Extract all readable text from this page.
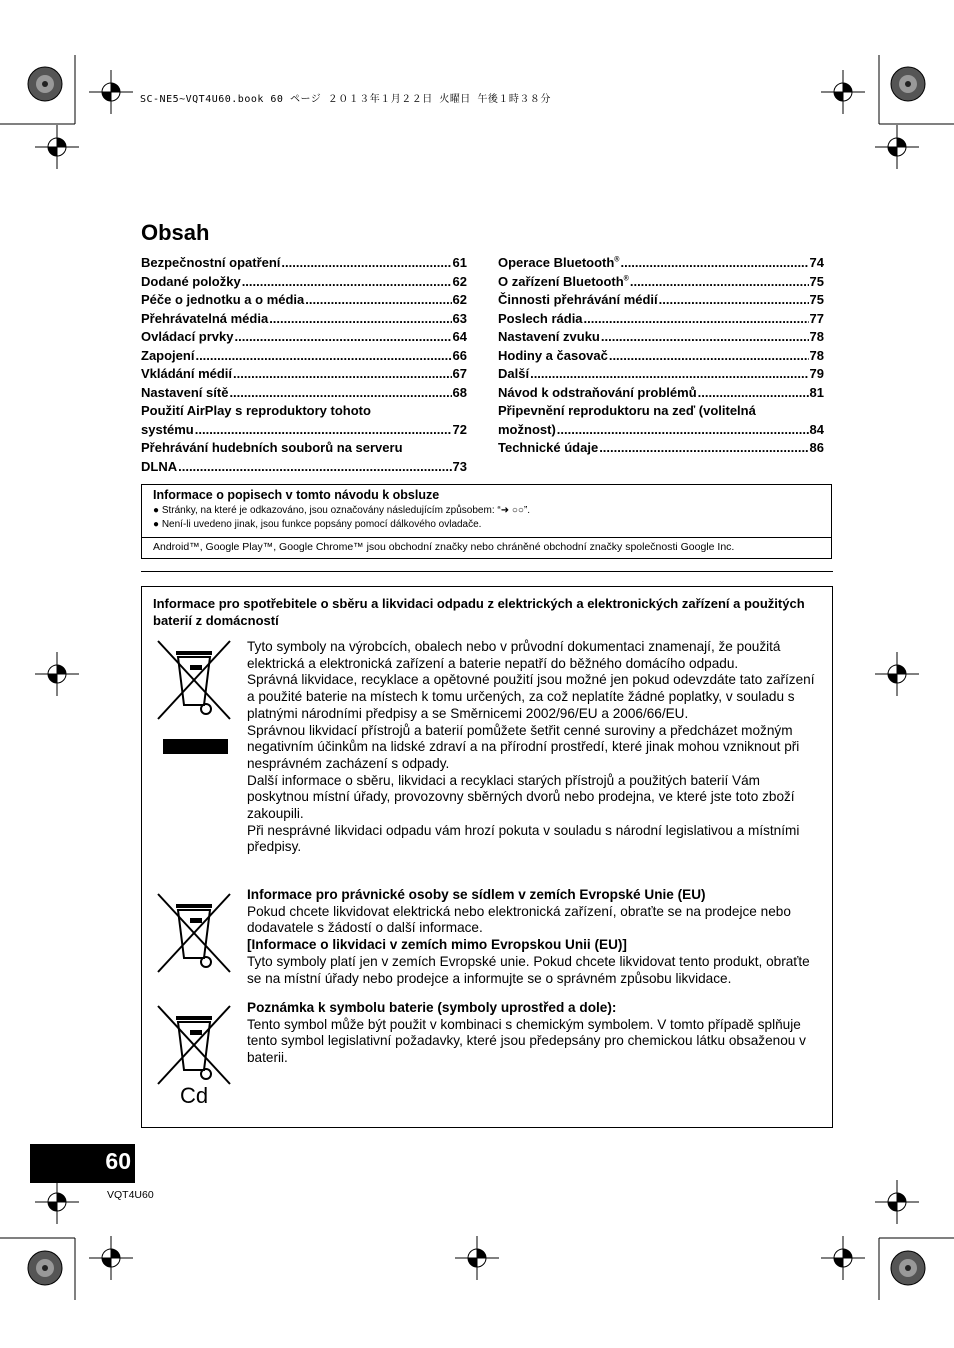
SC-NE5~VQT4U60.book 60 ページ ２０１３年１月２２日 火曜日 午後１時３８分
Obsah
Bezpečnostní opatření .....	61
Dodané položky .....	62
Péče o jednotku a o média .....	62
Přehrávatelná média .....	63
Ovládací prvky .....	64
Zapojení .....	66
Vkládání médií .....	67
Nastavení sítě .....	68
Použití AirPlay s reproduktory tohoto
systému .....	72
Přehrávání hudebních souborů na serveru
DLNA .....	73
Operace Bluetooth® .....	74
O zařízení Bluetooth® .....	75
Činnosti přehrávání médií .....	75
Poslech rádia .....	77
Nastavení zvuku .....	78
Hodiny a časovač .....	78
Další .....	79
Návod k odstraňování problémů .....	81
Připevnění reproduktoru na zeď (volitelná
možnost) .....	84
Technické údaje .....	86
Informace o popisech v tomto návodu k obsluze
● Stránky, na které je odkazováno, jsou označovány následujícím způsobem: “➜ ○○”.
● Není-li uvedeno jinak, jsou funkce popsány pomocí dálkového ovladače.
Android™, Google Play™, Google Chrome™ jsou obchodní značky nebo chráněné obchodní značky společnosti Google Inc.
Informace pro spotřebitele o sběru a likvidaci odpadu z elektrických a elektronických zařízení a použitých baterií z domácností
Tyto symboly na výrobcích, obalech nebo v průvodní dokumentaci znamenají, že použitá elektrická a elektronická zařízení a baterie nepatří do běžného domácího odpadu.
Správná likvidace, recyklace a opětovné použití jsou možné jen pokud odevzdáte tato zařízení a použité baterie na místech k tomu určených, za což neplatíte žádné poplatky, v souladu s platnými národními předpisy a se Směrnicemi 2002/96/EU a 2006/66/EU.
Správnou likvidací přístrojů a baterií pomůžete šetřit cenné suroviny a předcházet možným negativním účinkům na lidské zdraví a na přírodní prostředí, které jinak mohou vzniknout při nesprávném zacházení s odpady.
Další informace o sběru, likvidaci a recyklaci starých přístrojů a použitých baterií Vám poskytnou místní úřady, provozovny sběrných dvorů nebo prodejna, ve které jste toto zboží zakoupili.
Při nesprávné likvidaci odpadu vám hrozí pokuta v souladu s národní legislativou a místními předpisy.
Informace pro právnické osoby se sídlem v zemích Evropské Unie (EU)
Pokud chcete likvidovat elektrická nebo elektronická zařízení, obraťte se na prodejce nebo dodavatele s žádostí o další informace.
[Informace o likvidaci v zemích mimo Evropskou Unii (EU)]
Tyto symboly platí jen v zemích Evropské unie. Pokud chcete likvidovat tento produkt, obraťte se na místní úřady nebo prodejce a informujte se o správném způsobu likvidace.
Cd
Poznámka k symbolu baterie (symboly uprostřed a dole):
Tento symbol může být použit v kombinaci s chemickým symbolem. V tomto případě splňuje tento symbol legislativní požadavky, které jsou předepsány pro chemickou látku obsaženou v baterii.
60
VQT4U60
